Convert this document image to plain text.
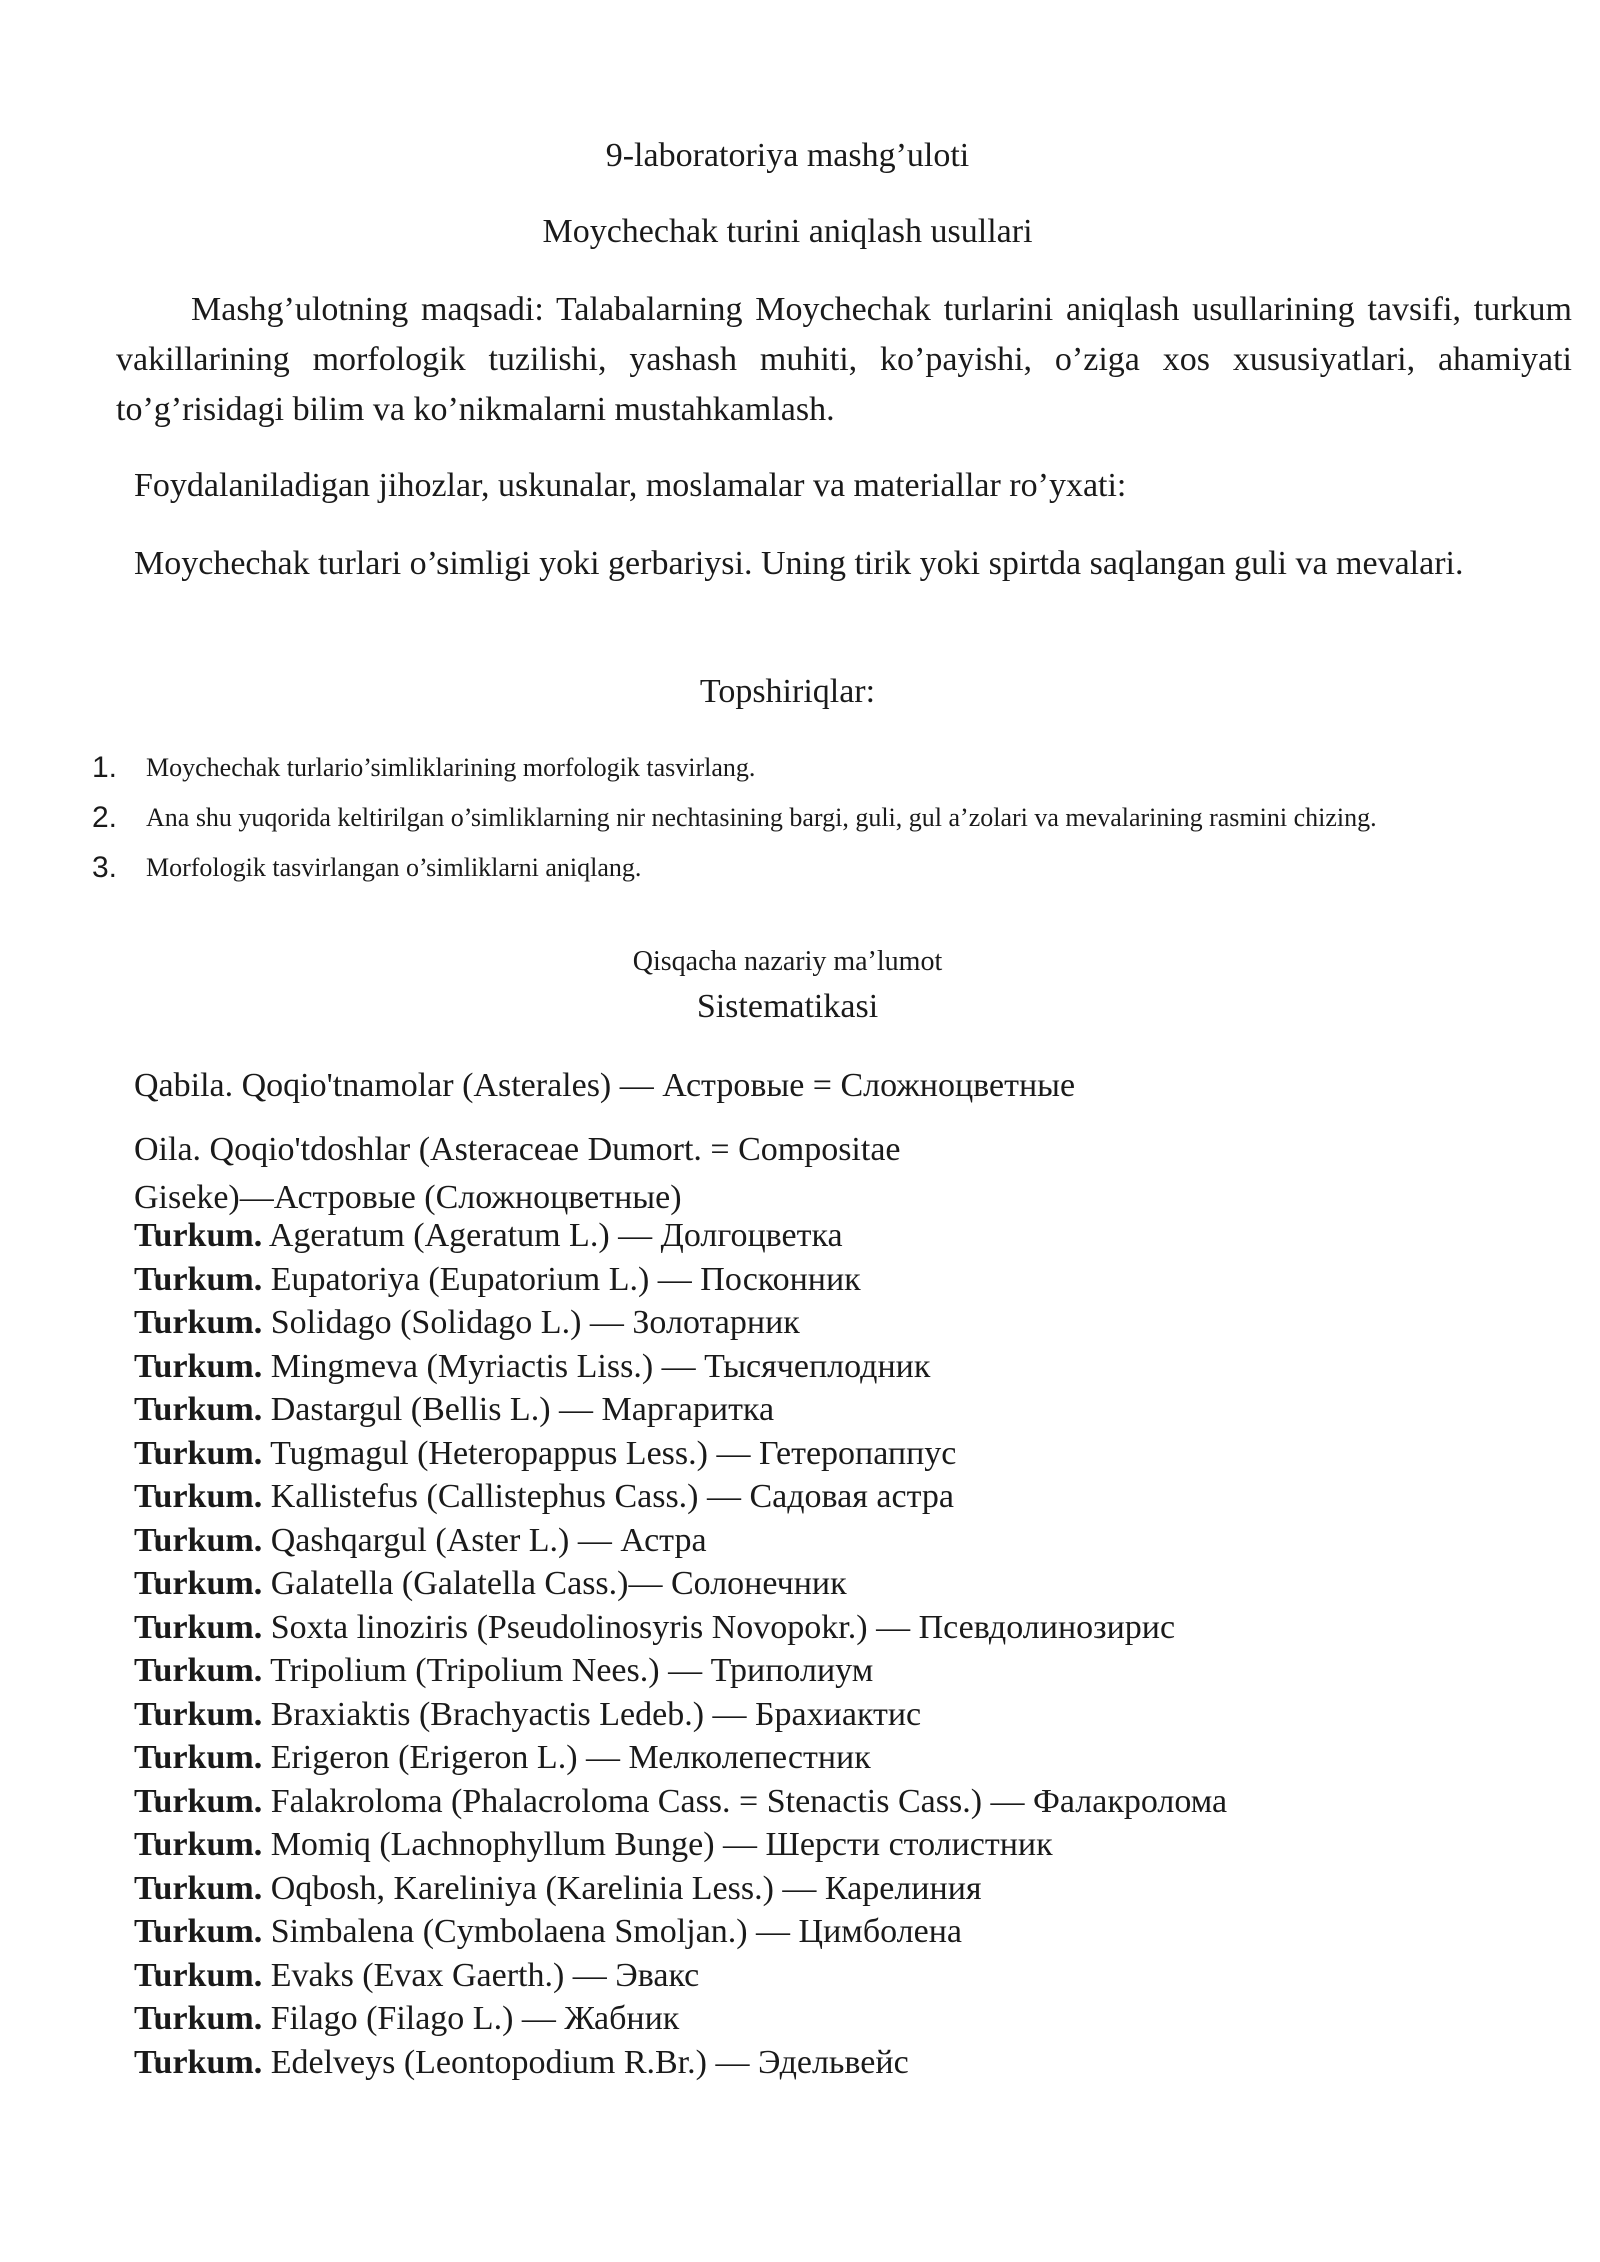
9-laboratoriya mashg’uloti
Moychechak turini aniqlash usullari
Mashg’ulotning maqsadi: Talabalarning Moychechak turlarini aniqlash usullarining tavsifi, turkum vakillarining morfologik tuzilishi, yashash muhiti, ko’payishi, o’ziga xos xususiyatlari, ahamiyati to’g’risidagi bilim va ko’nikmalarni mustahkamlash.
Foydalaniladigan jihozlar, uskunalar, moslamalar va materiallar ro’yxati:
Moychechak turlari o’simligi yoki gerbariysi. Uning tirik yoki spirtda saqlangan guli va mevalari.
Topshiriqlar:
1. Moychechak turlario’simliklarining morfologik tasvirlang.
2. Ana shu yuqorida keltirilgan o’simliklarning nir nechtasining bargi, guli, gul a’zolari va mevalarining rasmini chizing.
3. Morfologik tasvirlangan o’simliklarni aniqlang.
Qisqacha nazariy ma’lumot
Sistematikasi
Qabila. Qoqio'tnamolar (Asterales) — Астровые = Сложноцветные
Oila. Qoqio'tdoshlar (Asteraceae Dumort. = Compositae
Giseke)—Астровые (Сложноцветные)
Turkum. Ageratum (Ageratum L.) — Долгоцветка
Turkum. Eupatoriya (Eupatorium L.) — Посконник
Turkum. Solidago (Solidago L.) — Золотарник
Turkum. Mingmeva (Myriactis Liss.) — Тысячеплодник
Turkum. Dastargul (Bellis L.) — Маргаритка
Turkum. Tugmagul (Heteropappus Less.) — Гетеропаппус
Turkum. Kallistefus (Callistephus Cass.) — Садовая астра
Turkum. Qashqargul (Aster L.) — Астра
Turkum. Galatella (Galatella Cass.)— Солонечник
Turkum. Soxta linoziris (Pseudolinosyris Novopokr.) — Псевдолинозирис
Turkum. Tripolium (Tripolium Nees.) — Триполиум
Turkum. Braxiaktis (Brachyactis Ledeb.) — Брахиактис
Turkum. Erigeron (Erigeron L.) — Мелколепестник
Turkum. Falakroloma (Phalacroloma Cass. = Stenactis Cass.) — Фалакролома
Turkum. Momiq (Lachnophyllum Bunge) — Шерсти столистник
Turkum. Oqbosh, Kareliniya (Karelinia Less.) — Карелиния
Turkum. Simbalena (Cymbolaena Smoljan.) — Цимболена
Turkum. Evaks (Evax Gaerth.) — Эвакс
Turkum. Filago (Filago L.) — Жабник
Turkum. Edelveys (Leontopodium R.Br.) — Эдельвейс
